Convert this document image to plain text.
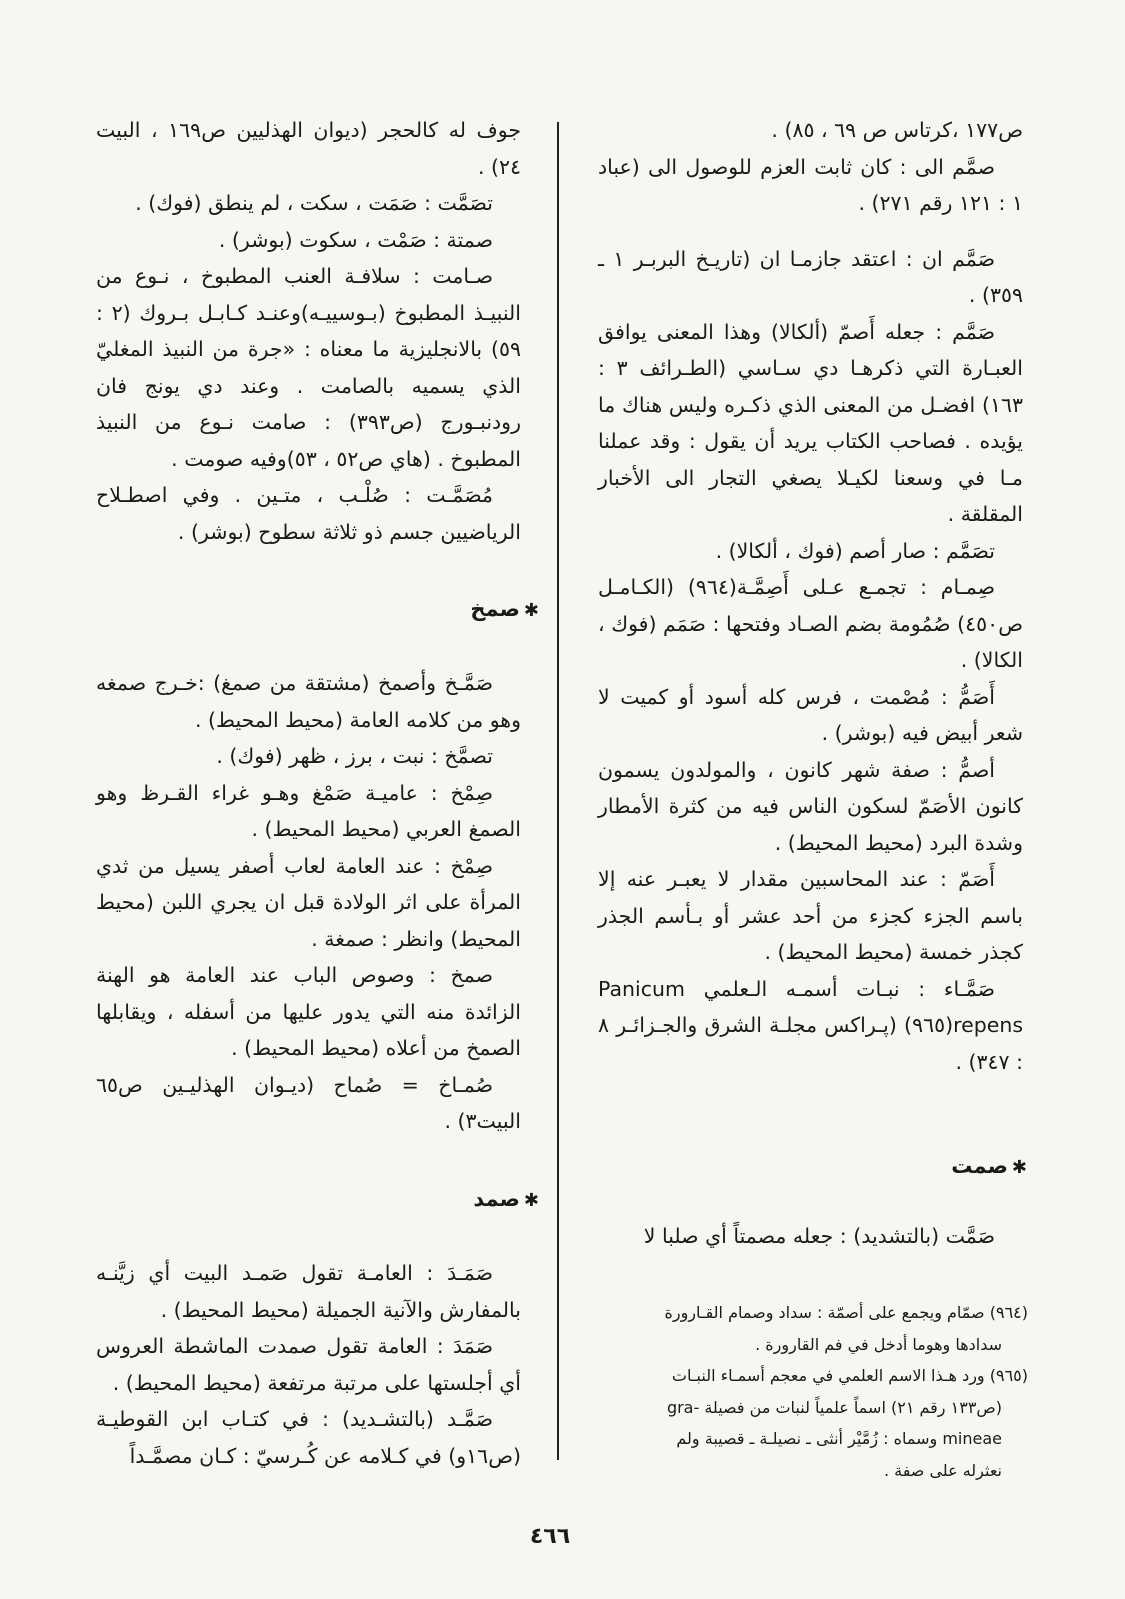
ص١٧٧ ،كرتاس ص ٦٩ ، ٨٥) .

صمَّم الى : كان ثابت العزم للوصول الى (عباد ١ : ١٢١ رقم ٢٧١) .

صَمَّم ان : اعتقد جازمـا ان (تاريـخ البربـر ١ ـ ٣٥٩) .

صَمَّم : جعله أَصمّ (ألكالا) وهذا المعنى يوافق العبـارة التي ذكرهـا دي سـاسي (الطـرائف ٣ : ١٦٣) افضـل من المعنى الذي ذكـره وليس هناك ما يؤيده . فصاحب الكتاب يريد أن يقول : وقد عملنا مـا في وسعنا لكيـلا يصغي التجار الى الأخبار المقلقة .

تصَمَّم : صار أصم (فوك ، ألكالا) .

صِمـام : تجمـع عـلى أَصِمَّـة(٩٦٤) (الكـامـل ص٤٥٠) صُمُومة بضم الصـاد وفتحها : صَمَم (فوك ، الكالا) .

أَصَمُّ : مُصْمت ، فرس كله أسود أو كميت لا شعر أبيض فيه (بوشر) .

أصمُّ : صفة شهر كانون ، والمولدون يسمون كانون الأصَمّ لسكون الناس فيه من كثرة الأمطار وشدة البرد (محيط المحيط) .

أَصَمّ : عند المحاسبين مقدار لا يعبـر عنه إلا باسم الجزء كجزء من أحد عشر أو بـأسم الجذر كجذر خمسة (محيط المحيط) .

صَمَّـاء : نبـات أسمـه الـعلمي Panicum repens(٩٦٥) (پـراكس مجلـة الشرق والجـزائـر ٨ : ٣٤٧) .

✱صمت

صَمَّت (بالتشديد) : جعله مصمتاً أي صلبا لا

جوف له كالحجر (ديوان الهذليين ص١٦٩ ، البيت ٢٤) .

تصَمَّت : صَمَت ، سكت ، لم ينطق (فوك) .

صمتة : صَمْت ، سكوت (بوشر) .

صـامت : سلافـة العنب المطبوخ ، نـوع من النبيـذ المطبوخ (بـوسييـه)وعنـد كـابـل بـروك (٢ : ٥٩) بالانجليزية ما معناه : «جرة من النبيذ المغليّ الذي يسميه بالصامت . وعند دي يونج فان رودنبـورج (ص٣٩٣) : صامت نـوع من النبيذ المطبوخ . (هاي ص٥٢ ، ٥٣)وفيه صومت .

مُصَمَّـت : صُلْـب ، متـين . وفي اصطـلاح الرياضيين جسم ذو ثلاثة سطوح (بوشر) .

✱صمخ

صَمَّـخ وأصمخ (مشتقة من صمغ) :خـرج صمغه وهو من كلامه العامة (محيط المحيط) .

تصمَّخ : نبت ، برز ، ظهر (فوك) .

صِمْخ : عاميـة صَمْغ وهـو غراء القـرظ وهو الصمغ العربي (محيط المحيط) .

صِمْخ : عند العامة لعاب أصفر يسيل من ثدي المرأة على اثر الولادة قبل ان يجري اللبن (محيط المحيط) وانظر : صمغة .

صمخ : وصوص الباب عند العامة هو الهنة الزائدة منه التي يدور عليها من أسفله ، ويقابلها الصمخ من أعلاه (محيط المحيط) .

صُمـاخ = صُماح (ديـوان الهذليـين ص٦٥ البيت٣) .

✱صمد

صَمَـدَ : العامـة تقول صَمـد البيت أي زيَّنـه بالمفارش والآنية الجميلة (محيط المحيط) .

صَمَدَ : العامة تقول صمدت الماشطة العروس أي أجلستها على مرتبة مرتفعة (محيط المحيط) .

صَمَّـد (بالتشـديد) : في كتـاب ابن القوطيـة (ص١٦و) في كـلامه عن كُـرسيّ : كـان مصمَّـداً

(٩٦٤) صمّام ويجمع على أصمّة : سداد وصمام القـارورة

سدادها وهوما أدخل في فم القارورة .

(٩٦٥) ورد هـذا الاسم العلمي في معجم أسمـاء النبـات

(ص١٣٣ رقم ٢١) اسماً علمياً لنبات من فصيلة -gra

mineae وسماه : زُمَّيْر أنثى ـ نصيلـة ـ قصيبة ولم

نعثرله على صفة .

٤٦٦
